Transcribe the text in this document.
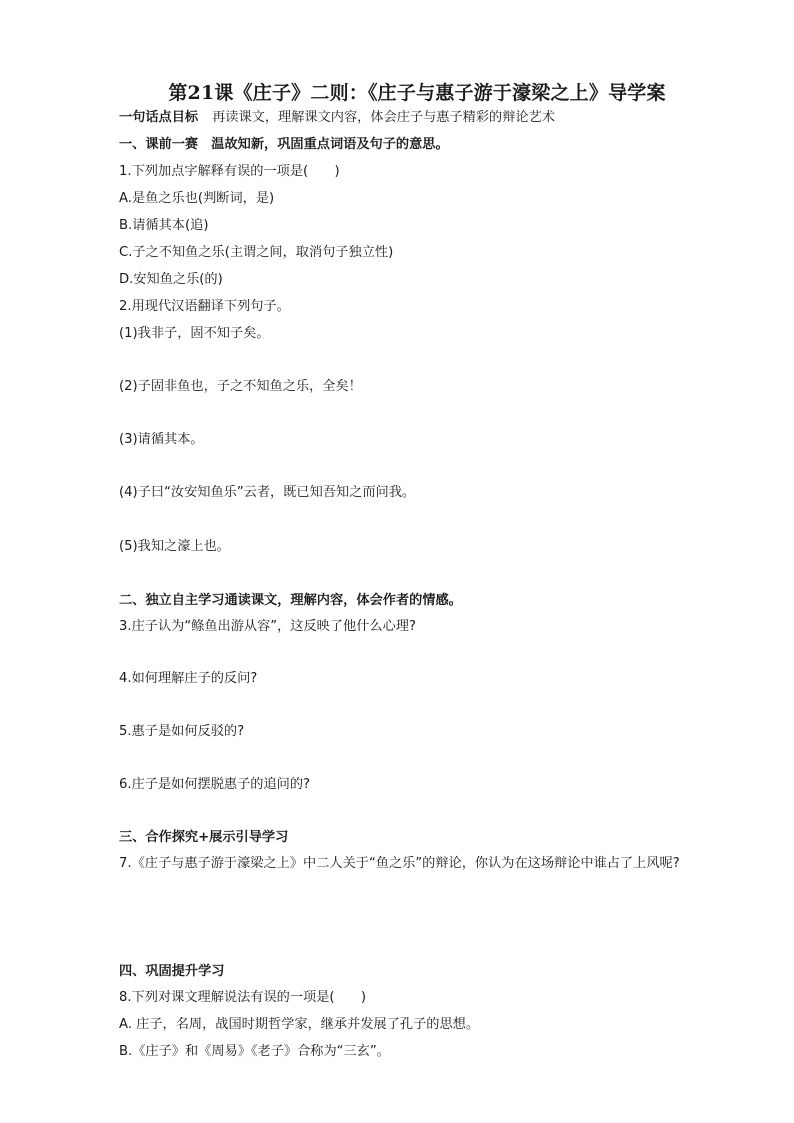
第21课《庄子》二则：《庄子与惠子游于濠梁之上》导学案
一句话点目标 再读课文，理解课文内容，体会庄子与惠子精彩的辩论艺术
一、课前一赛　温故知新，巩固重点词语及句子的意思。
1.下列加点字解释有误的一项是(　　)
A.是鱼之乐也(判断词，是)
B.请循其本(追)
C.子之不知鱼之乐(主谓之间，取消句子独立性)
D.安知鱼之乐(的)
2.用现代汉语翻译下列句子。
(1)我非子，固不知子矣。
(2)子固非鱼也，子之不知鱼之乐，全矣！
(3)请循其本。
(4)子曰“汝安知鱼乐”云者，既已知吾知之而问我。
(5)我知之濠上也。
二、独立自主学习通读课文，理解内容，体会作者的情感。
3.庄子认为“鲦鱼出游从容”，这反映了他什么心理?
4.如何理解庄子的反问?
5.惠子是如何反驳的?
6.庄子是如何摆脱惠子的追问的?
三、合作探究+展示引导学习
7.《庄子与惠子游于濠梁之上》中二人关于“鱼之乐”的辩论，你认为在这场辩论中谁占了上风呢?
四、巩固提升学习
8.下列对课文理解说法有误的一项是(　　)
A. 庄子，名周，战国时期哲学家，继承并发展了孔子的思想。
B.《庄子》和《周易》《老子》合称为“三玄”。
